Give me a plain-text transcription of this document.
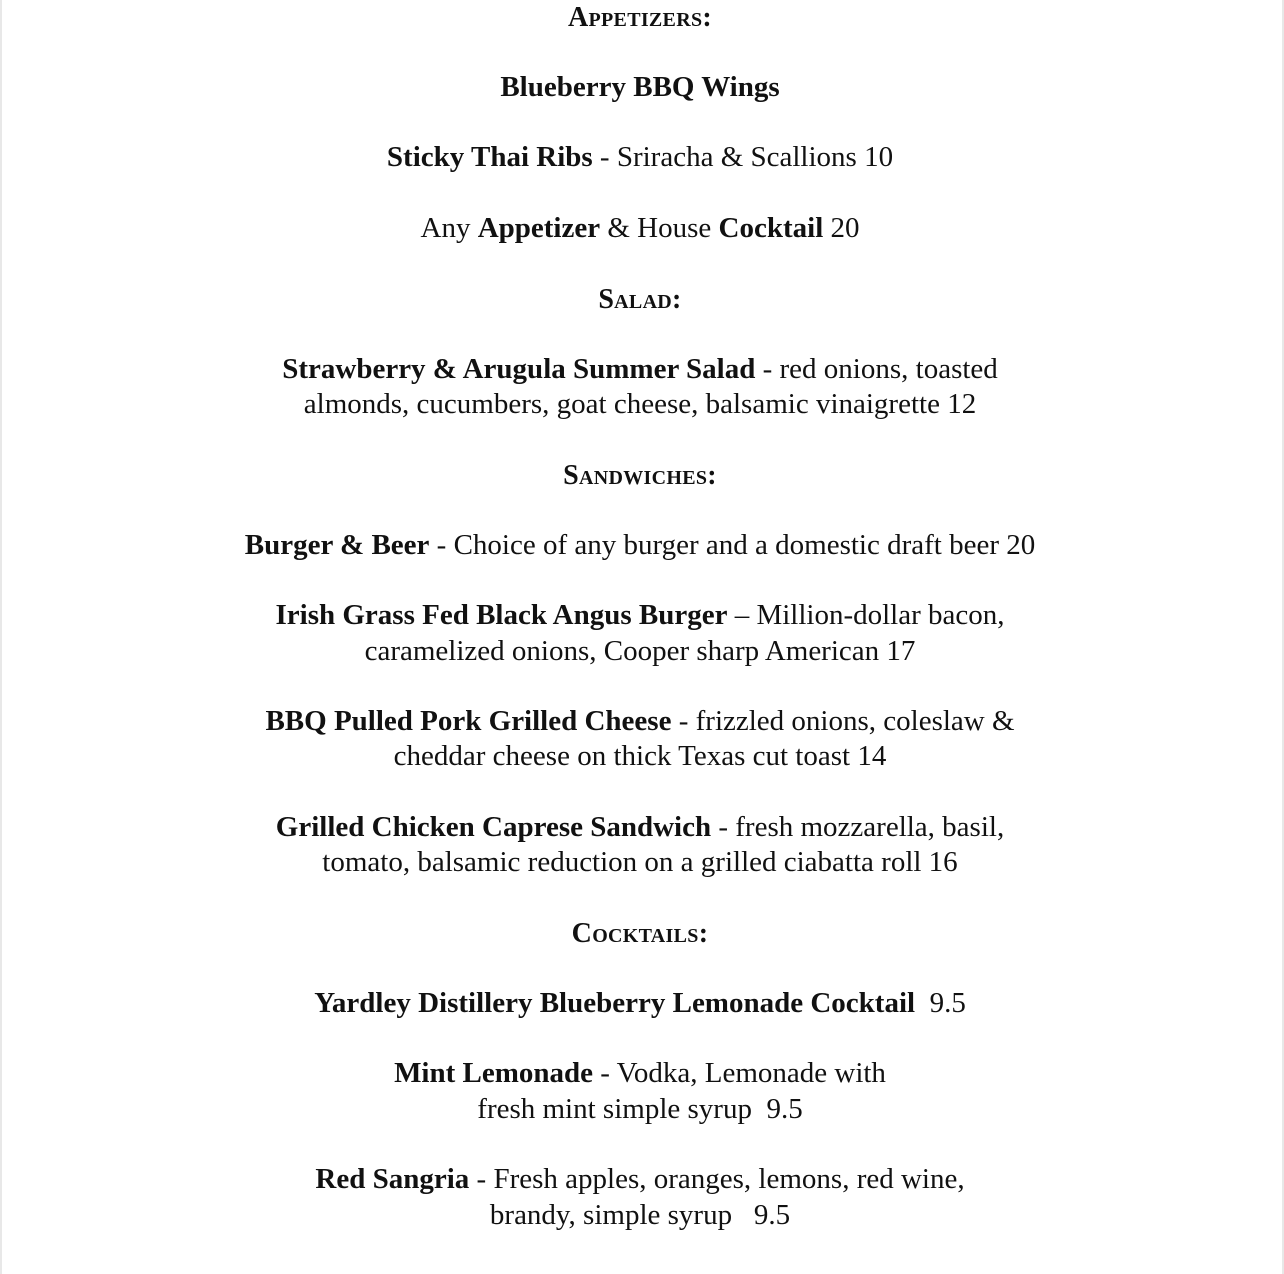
Appetizers:
Blueberry BBQ Wings
Sticky Thai Ribs - Sriracha & Scallions 10
Any Appetizer & House Cocktail 20
Salad:
Strawberry & Arugula Summer Salad - red onions, toasted
almonds, cucumbers, goat cheese, balsamic vinaigrette 12
Sandwiches:
Burger & Beer - Choice of any burger and a domestic draft beer 20
Irish Grass Fed Black Angus Burger – Million-dollar bacon,
caramelized onions, Cooper sharp American 17
BBQ Pulled Pork Grilled Cheese - frizzled onions, coleslaw &
cheddar cheese on thick Texas cut toast 14
Grilled Chicken Caprese Sandwich - fresh mozzarella, basil,
tomato, balsamic reduction on a grilled ciabatta roll 16
Cocktails:
Yardley Distillery Blueberry Lemonade Cocktail  9.5
Mint Lemonade - Vodka, Lemonade with
fresh mint simple syrup  9.5
Red Sangria - Fresh apples, oranges, lemons, red wine,
brandy, simple syrup   9.5
